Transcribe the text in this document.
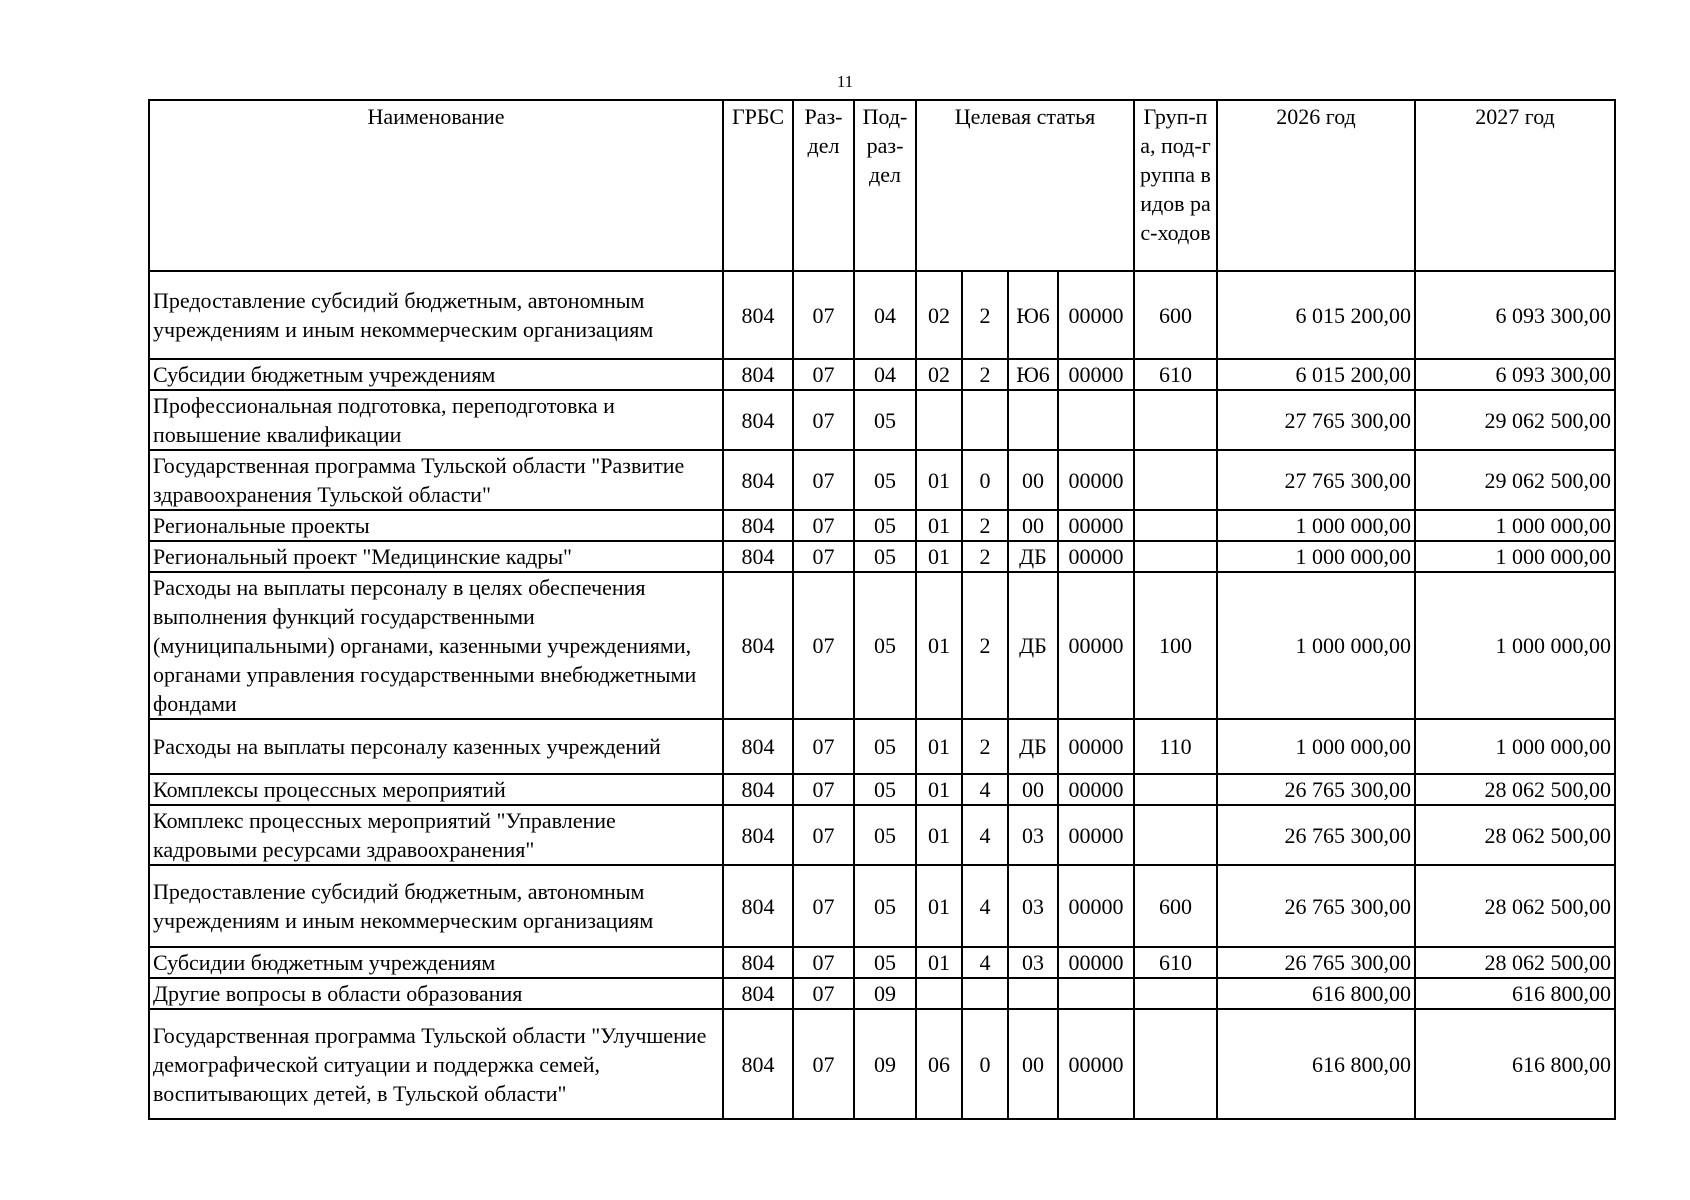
11
Наименование	ГРБС	Раз-дел	Под-раз-дел	Целевая статья				Груп-па, под-группа видов рас-ходов	2026 год	2027 год
Предоставление субсидий бюджетным, автономным учреждениям и иным некоммерческим организациям	804	07	04	02	2	Ю6	00000	600	6 015 200,00	6 093 300,00
Субсидии бюджетным учреждениям	804	07	04	02	2	Ю6	00000	610	6 015 200,00	6 093 300,00
Профессиональная подготовка, переподготовка и повышение квалификации	804	07	05						27 765 300,00	29 062 500,00
Государственная программа Тульской области "Развитие здравоохранения Тульской области"	804	07	05	01	0	00	00000		27 765 300,00	29 062 500,00
Региональные проекты	804	07	05	01	2	00	00000		1 000 000,00	1 000 000,00
Региональный проект "Медицинские кадры"	804	07	05	01	2	ДБ	00000		1 000 000,00	1 000 000,00
Расходы на выплаты персоналу в целях обеспечения выполнения функций государственными (муниципальными) органами, казенными учреждениями, органами управления государственными внебюджетными фондами	804	07	05	01	2	ДБ	00000	100	1 000 000,00	1 000 000,00
Расходы на выплаты персоналу казенных учреждений	804	07	05	01	2	ДБ	00000	110	1 000 000,00	1 000 000,00
Комплексы процессных мероприятий	804	07	05	01	4	00	00000		26 765 300,00	28 062 500,00
Комплекс процессных мероприятий "Управление кадровыми ресурсами здравоохранения"	804	07	05	01	4	03	00000		26 765 300,00	28 062 500,00
Предоставление субсидий бюджетным, автономным учреждениям и иным некоммерческим организациям	804	07	05	01	4	03	00000	600	26 765 300,00	28 062 500,00
Субсидии бюджетным учреждениям	804	07	05	01	4	03	00000	610	26 765 300,00	28 062 500,00
Другие вопросы в области образования	804	07	09						616 800,00	616 800,00
Государственная программа Тульской области "Улучшение демографической ситуации и поддержка семей, воспитывающих детей, в Тульской области"	804	07	09	06	0	00	00000		616 800,00	616 800,00
